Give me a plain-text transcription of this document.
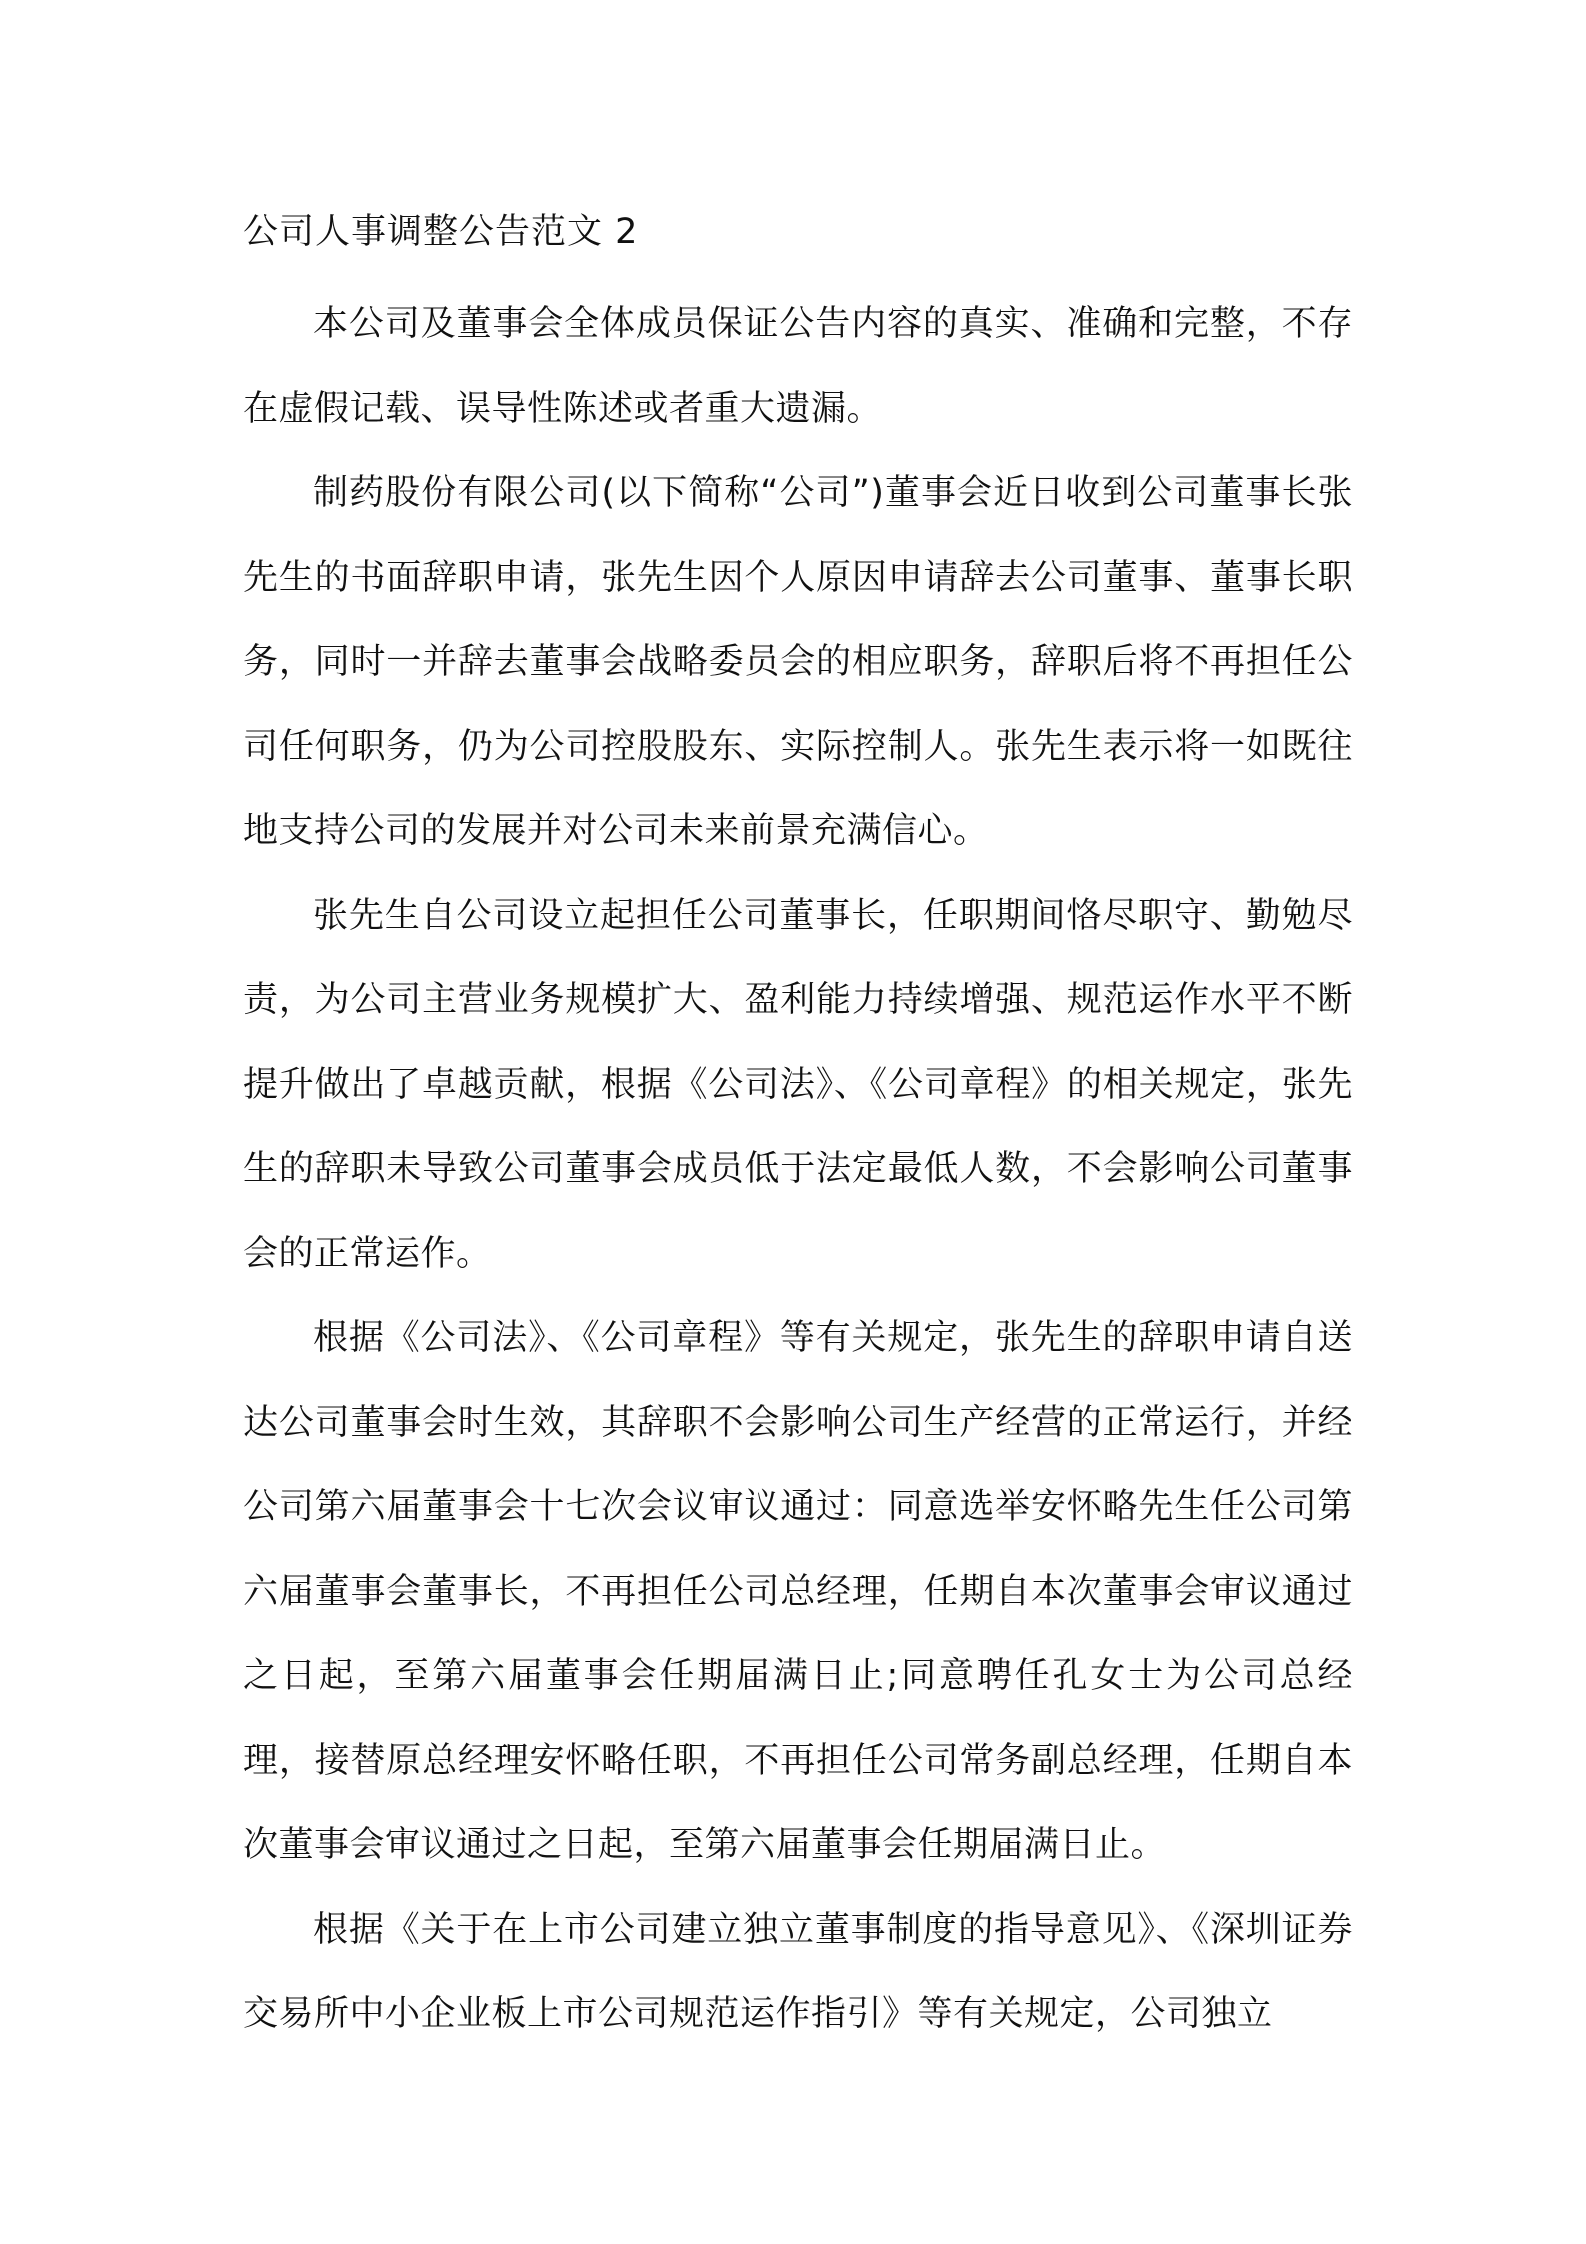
公司人事调整公告范文 2

本公司及董事会全体成员保证公告内容的真实、准确和完整，不存在虚假记载、误导性陈述或者重大遗漏。

制药股份有限公司(以下简称“公司”)董事会近日收到公司董事长张先生的书面辞职申请，张先生因个人原因申请辞去公司董事、董事长职务，同时一并辞去董事会战略委员会的相应职务，辞职后将不再担任公司任何职务，仍为公司控股股东、实际控制人。张先生表示将一如既往地支持公司的发展并对公司未来前景充满信心。

张先生自公司设立起担任公司董事长，任职期间恪尽职守、勤勉尽责，为公司主营业务规模扩大、盈利能力持续增强、规范运作水平不断提升做出了卓越贡献，根据《公司法》、《公司章程》的相关规定，张先生的辞职未导致公司董事会成员低于法定最低人数，不会影响公司董事会的正常运作。

根据《公司法》、《公司章程》等有关规定，张先生的辞职申请自送达公司董事会时生效，其辞职不会影响公司生产经营的正常运行，并经公司第六届董事会十七次会议审议通过：同意选举安怀略先生任公司第六届董事会董事长，不再担任公司总经理，任期自本次董事会审议通过之日起，至第六届董事会任期届满日止;同意聘任孔女士为公司总经理，接替原总经理安怀略任职，不再担任公司常务副总经理，任期自本次董事会审议通过之日起，至第六届董事会任期届满日止。

根据《关于在上市公司建立独立董事制度的指导意见》、《深圳证券交易所中小企业板上市公司规范运作指引》等有关规定，公司独立
